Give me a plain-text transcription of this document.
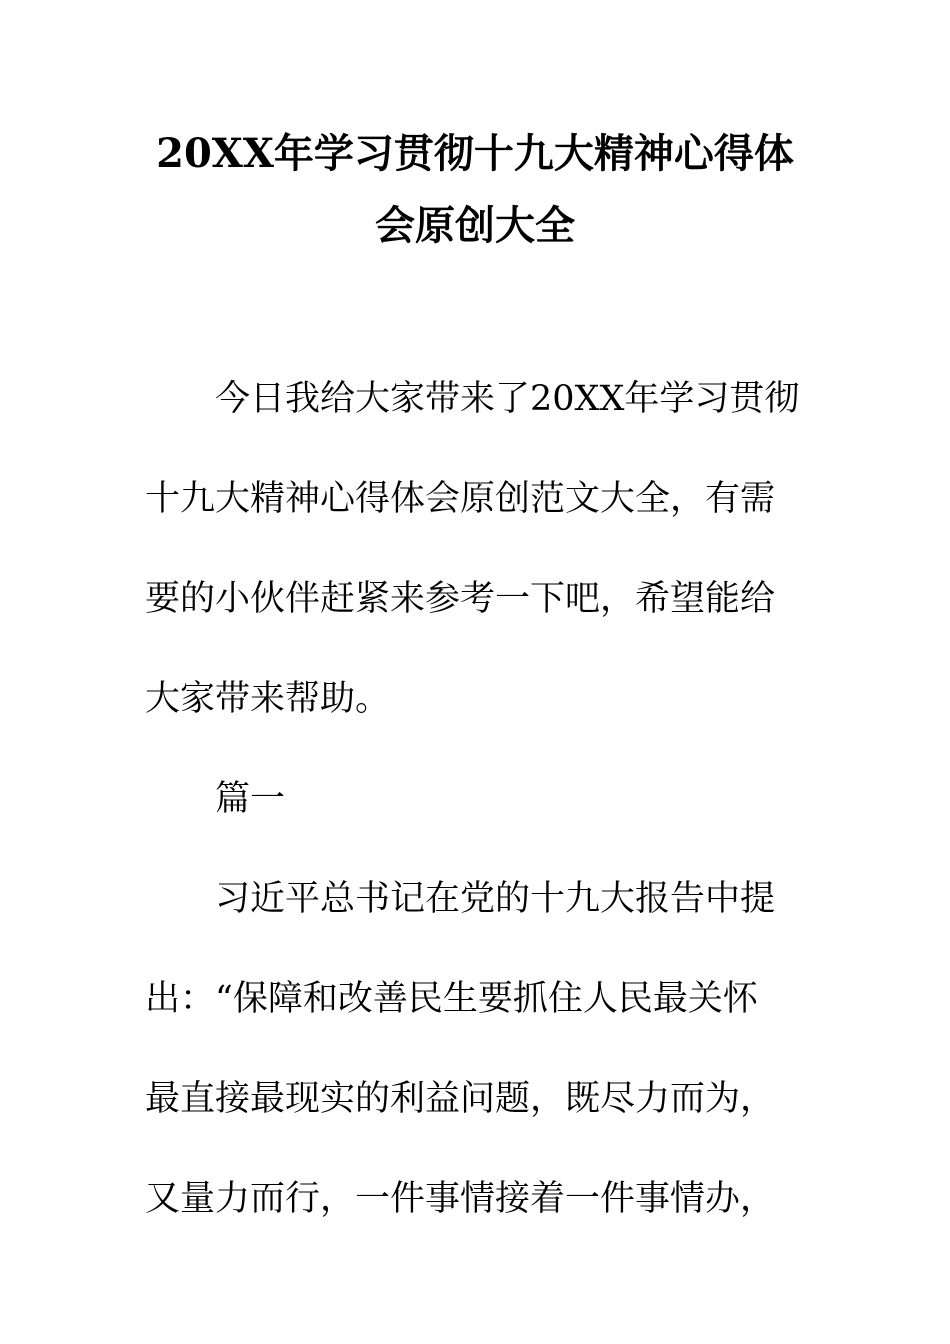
20XX年学习贯彻十九大精神心得体
会原创大全
今日我给大家带来了20XX年学习贯彻
十九大精神心得体会原创范文大全，有需
要的小伙伴赶紧来参考一下吧，希望能给
大家带来帮助。
篇一
习近平总书记在党的十九大报告中提
出：“保障和改善民生要抓住人民最关怀
最直接最现实的利益问题，既尽力而为，
又量力而行，一件事情接着一件事情办，
